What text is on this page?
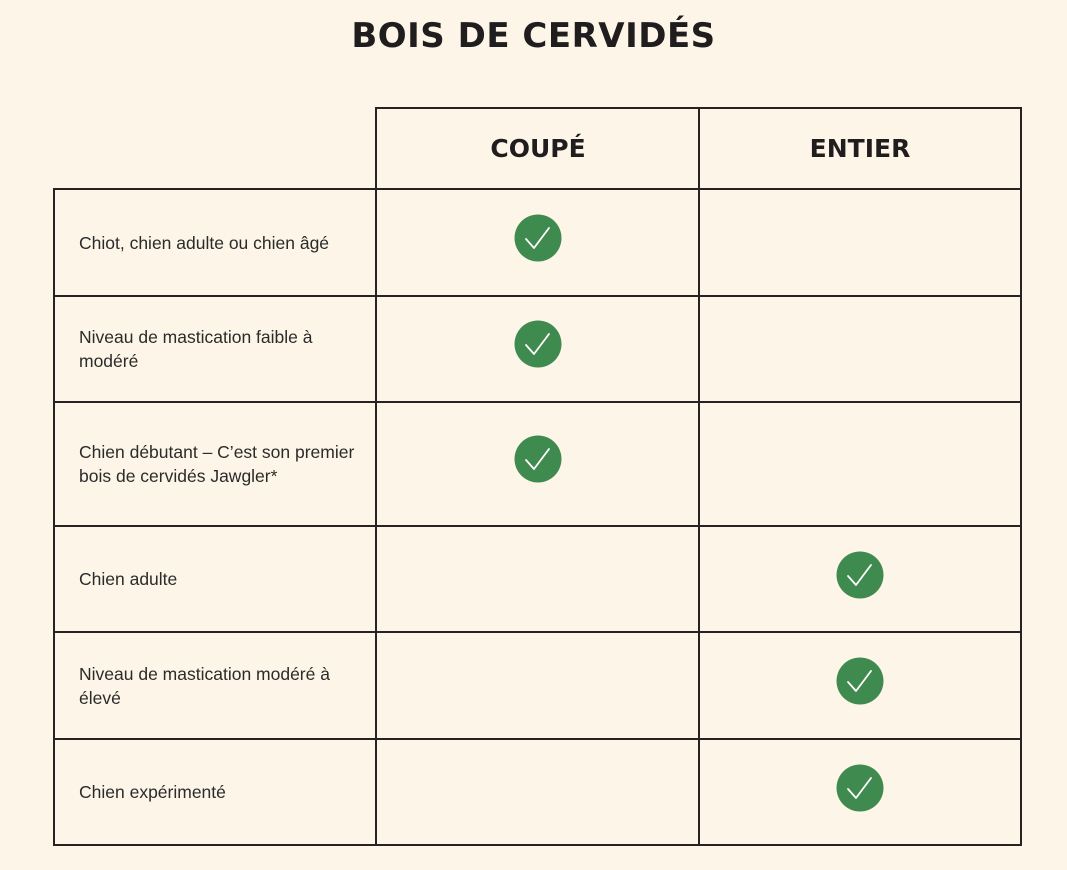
BOIS DE CERVIDÉS
COUPÉ	ENTIER
Chiot, chien adulte ou chien âgé
Niveau de mastication faible à modéré
Chien débutant – C’est son premier bois de cervidés Jawgler*
Chien adulte
Niveau de mastication modéré à élevé
Chien expérimenté
